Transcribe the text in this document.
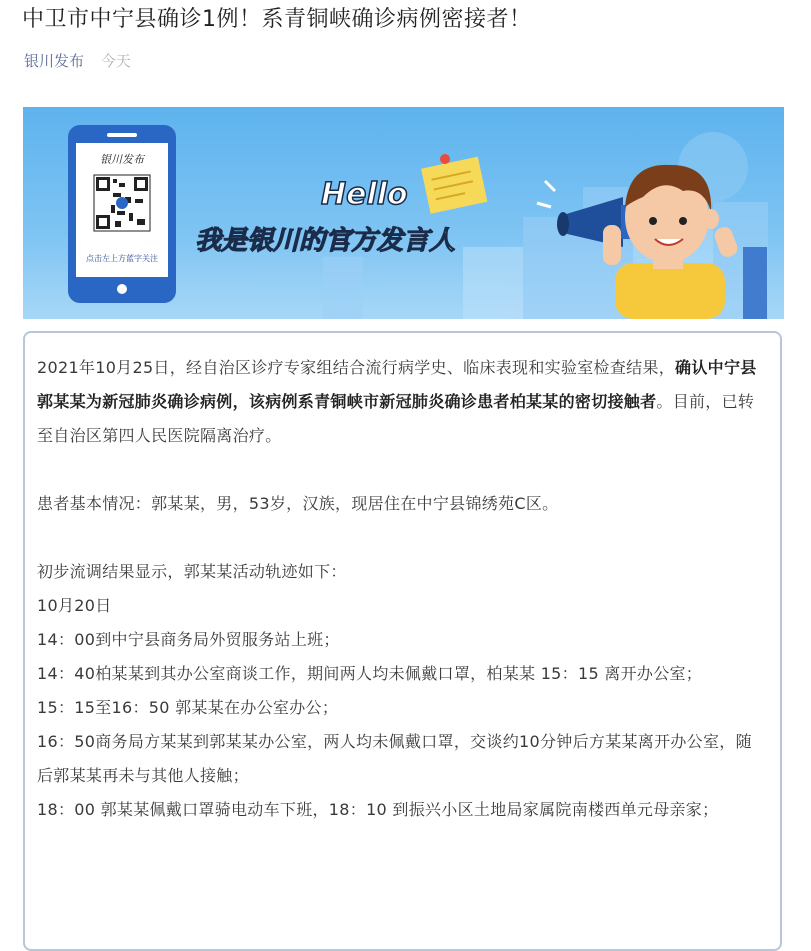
中卫市中宁县确诊1例！系青铜峡确诊病例密接者！
银川发布 今天
银川发布
点击左上方蓝字关注
Hello
我是银川的官方发言人

2021年10月25日，经自治区诊疗专家组结合流行病学史、临床表现和实验室检查结果，确认中宁县郭某某为新冠肺炎确诊病例，该病例系青铜峡市新冠肺炎确诊患者柏某某的密切接触者。目前，已转至自治区第四人民医院隔离治疗。

患者基本情况：郭某某，男，53岁，汉族，现居住在中宁县锦绣苑C区。

初步流调结果显示，郭某某活动轨迹如下：

10月20日

14：00到中宁县商务局外贸服务站上班；

14：40柏某某到其办公室商谈工作，期间两人均未佩戴口罩，柏某某 15：15 离开办公室；

15：15至16：50 郭某某在办公室办公；

16：50商务局方某某到郭某某办公室，两人均未佩戴口罩，交谈约10分钟后方某某离开办公室，随后郭某某再未与其他人接触；

18：00 郭某某佩戴口罩骑电动车下班，18：10 到振兴小区土地局家属院南楼西单元母亲家；
